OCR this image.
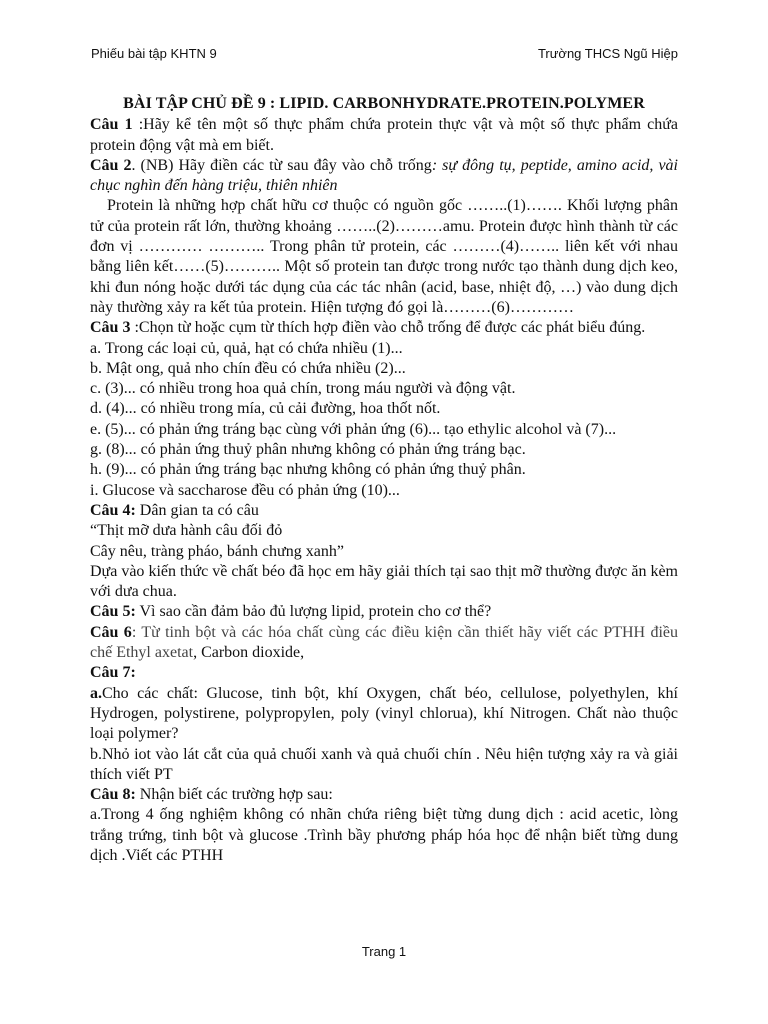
Phiếu bài tập KHTN 9	Trường THCS Ngũ Hiệp
BÀI TẬP CHỦ ĐỀ 9 : LIPID. CARBONHYDRATE.PROTEIN.POLYMER

Câu 1 :Hãy kể tên một số thực phẩm chứa protein thực vật và một số thực phẩm chứa protein động vật mà em biết.

Câu 2. (NB) Hãy điền các từ sau đây vào chỗ trống: sự đông tụ, peptide, amino acid, vài chục nghìn đến hàng triệu, thiên nhiên

Protein là những hợp chất hữu cơ thuộc có nguồn gốc ……..(1)……. Khối lượng phân tử của protein rất lớn, thường khoảng ……..(2)………amu. Protein được hình thành từ các đơn vị ………… ……….. Trong phân tử protein, các ………(4)…….. liên kết với nhau bằng liên kết……(5)……….. Một số protein tan được trong nước tạo thành dung dịch keo, khi đun nóng hoặc dưới tác dụng của các tác nhân (acid, base, nhiệt độ, …) vào dung dịch này thường xảy ra kết tủa protein. Hiện tượng đó gọi là………(6)…………

Câu 3 :Chọn từ hoặc cụm từ thích hợp điền vào chỗ trống để được các phát biểu đúng.

a. Trong các loại củ, quả, hạt có chứa nhiều (1)...

b. Mật ong, quả nho chín đều có chứa nhiều (2)...

c. (3)... có nhiều trong hoa quả chín, trong máu người và động vật.

d. (4)... có nhiều trong mía, củ cải đường, hoa thốt nốt.

e. (5)... có phản ứng tráng bạc cùng với phản ứng (6)... tạo ethylic alcohol và (7)...

g. (8)... có phản ứng thuỷ phân nhưng không có phản ứng tráng bạc.

h. (9)... có phản ứng tráng bạc nhưng không có phản ứng thuỷ phân.

i. Glucose và saccharose đều có phản ứng (10)...

Câu 4: Dân gian ta có câu

“Thịt mỡ dưa hành câu đối đỏ

Cây nêu, tràng pháo, bánh chưng xanh”

Dựa vào kiến thức về chất béo đã học em hãy giải thích tại sao thịt mỡ thường được ăn kèm với dưa chua.

Câu 5: Vì sao cần đảm bảo đủ lượng lipid, protein cho cơ thể?

Câu 6: Từ tinh bột và các hóa chất cùng các điều kiện cần thiết hãy viết các PTHH điều chế Ethyl axetat, Carbon dioxide,

Câu 7:

a.Cho các chất: Glucose, tinh bột, khí Oxygen, chất béo, cellulose, polyethylen, khí Hydrogen, polystirene, polypropylen, poly (vinyl chlorua), khí Nitrogen. Chất nào thuộc loại polymer?

b.Nhỏ iot vào lát cắt của quả chuối xanh và quả chuối chín . Nêu hiện tượng xảy ra và giải thích viết PT

Câu 8: Nhận biết các trường hợp sau:

a.Trong 4 ống nghiệm không có nhãn chứa riêng biệt từng dung dịch : acid acetic, lòng trắng trứng, tinh bột và glucose .Trình bầy phương pháp hóa học để nhận biết từng dung dịch .Viết các PTHH

Trang 1
